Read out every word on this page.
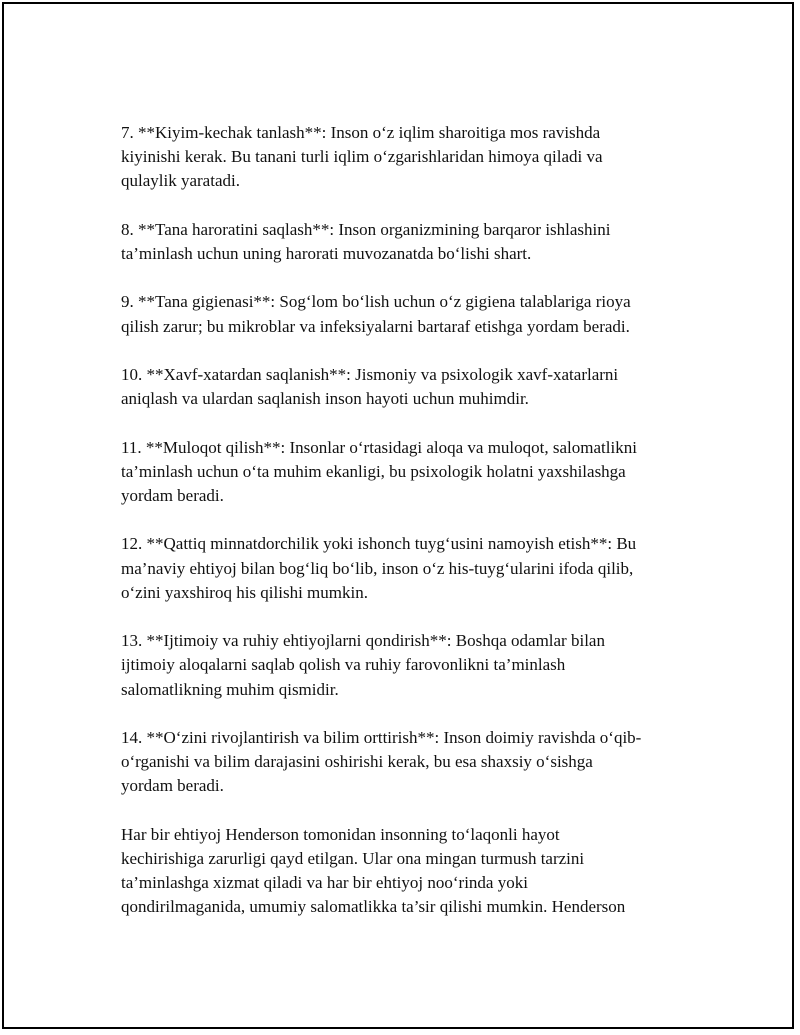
7. **Kiyim-kechak tanlash**: Inson o‘z iqlim sharoitiga mos ravishda
kiyinishi kerak. Bu tanani turli iqlim o‘zgarishlaridan himoya qiladi va
qulaylik yaratadi.

8. **Tana haroratini saqlash**: Inson organizmining barqaror ishlashini
ta’minlash uchun uning harorati muvozanatda bo‘lishi shart.

9. **Tana gigienasi**: Sog‘lom bo‘lish uchun o‘z gigiena talablariga rioya
qilish zarur; bu mikroblar va infeksiyalarni bartaraf etishga yordam beradi.

10. **Xavf-xatardan saqlanish**: Jismoniy va psixologik xavf-xatarlarni
aniqlash va ulardan saqlanish inson hayoti uchun muhimdir.

11. **Muloqot qilish**: Insonlar o‘rtasidagi aloqa va muloqot, salomatlikni
ta’minlash uchun o‘ta muhim ekanligi, bu psixologik holatni yaxshilashga
yordam beradi.

12. **Qattiq minnatdorchilik yoki ishonch tuyg‘usini namoyish etish**: Bu
ma’naviy ehtiyoj bilan bog‘liq bo‘lib, inson o‘z his-tuyg‘ularini ifoda qilib,
o‘zini yaxshiroq his qilishi mumkin.

13. **Ijtimoiy va ruhiy ehtiyojlarni qondirish**: Boshqa odamlar bilan
ijtimoiy aloqalarni saqlab qolish va ruhiy farovonlikni ta’minlash
salomatlikning muhim qismidir.

14. **O‘zini rivojlantirish va bilim orttirish**: Inson doimiy ravishda o‘qib-
o‘rganishi va bilim darajasini oshirishi kerak, bu esa shaxsiy o‘sishga
yordam beradi.

Har bir ehtiyoj Henderson tomonidan insonning to‘laqonli hayot
kechirishiga zarurligi qayd etilgan. Ular ona mingan turmush tarzini
ta’minlashga xizmat qiladi va har bir ehtiyoj noo‘rinda yoki
qondirilmaganida, umumiy salomatlikka ta’sir qilishi mumkin. Henderson
